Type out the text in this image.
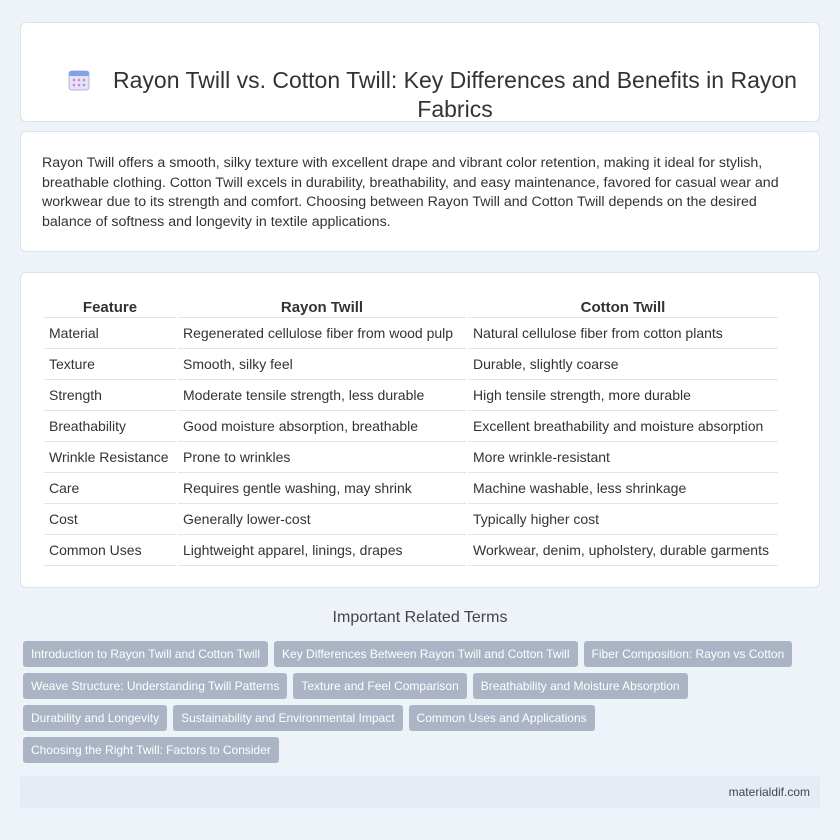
Rayon Twill vs. Cotton Twill: Key Differences and Benefits in Rayon Fabrics

Rayon Twill offers a smooth, silky texture with excellent drape and vibrant color retention, making it ideal for stylish, breathable clothing. Cotton Twill excels in durability, breathability, and easy maintenance, favored for casual wear and workwear due to its strength and comfort. Choosing between Rayon Twill and Cotton Twill depends on the desired balance of softness and longevity in textile applications.

Feature	Rayon Twill	Cotton Twill
Material	Regenerated cellulose fiber from wood pulp	Natural cellulose fiber from cotton plants
Texture	Smooth, silky feel	Durable, slightly coarse
Strength	Moderate tensile strength, less durable	High tensile strength, more durable
Breathability	Good moisture absorption, breathable	Excellent breathability and moisture absorption
Wrinkle Resistance	Prone to wrinkles	More wrinkle-resistant
Care	Requires gentle washing, may shrink	Machine washable, less shrinkage
Cost	Generally lower-cost	Typically higher cost
Common Uses	Lightweight apparel, linings, drapes	Workwear, denim, upholstery, durable garments
Important Related Terms
Introduction to Rayon Twill and Cotton Twill	Key Differences Between Rayon Twill and Cotton Twill	Fiber Composition: Rayon vs Cotton
Weave Structure: Understanding Twill Patterns	Texture and Feel Comparison	Breathability and Moisture Absorption
Durability and Longevity	Sustainability and Environmental Impact	Common Uses and Applications
Choosing the Right Twill: Factors to Consider
materialdif.com
